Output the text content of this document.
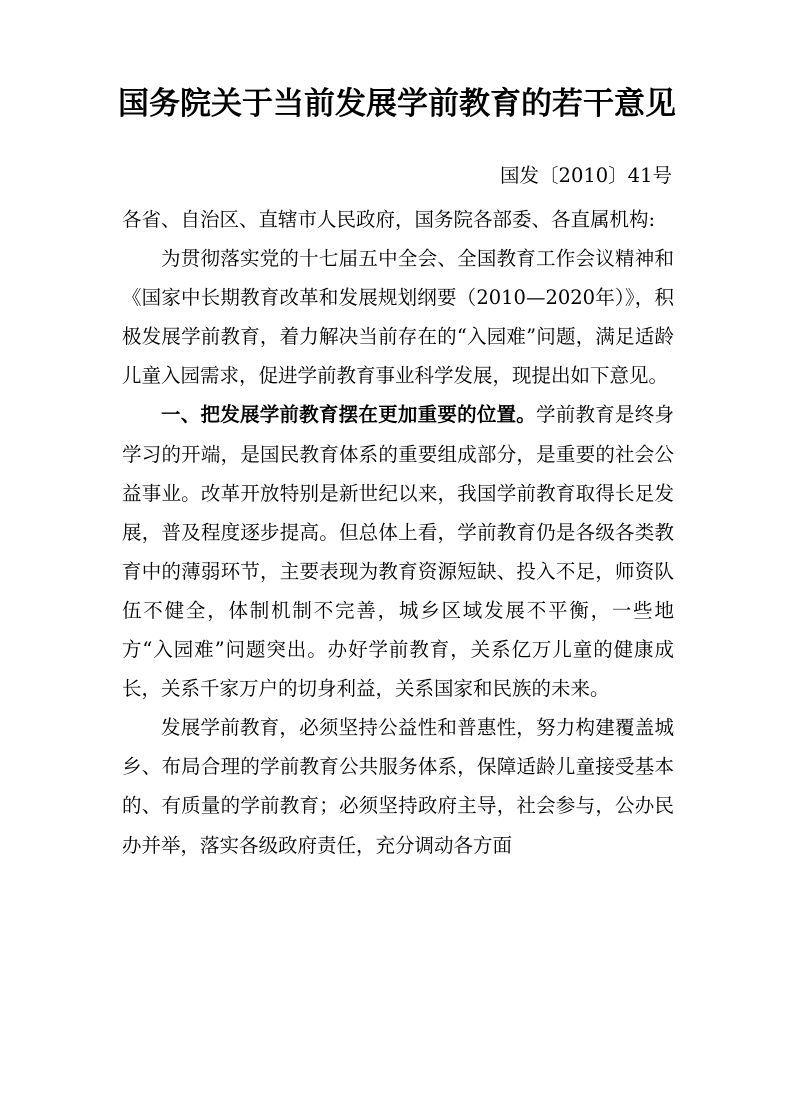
国务院关于当前发展学前教育的若干意见
国发〔2010〕41号

各省、自治区、直辖市人民政府，国务院各部委、各直属机构:

为贯彻落实党的十七届五中全会、全国教育工作会议精神和《国家中长期教育改革和发展规划纲要（2010—2020年）》，积极发展学前教育，着力解决当前存在的“入园难”问题，满足适龄儿童入园需求，促进学前教育事业科学发展，现提出如下意见。

一、把发展学前教育摆在更加重要的位置。学前教育是终身学习的开端，是国民教育体系的重要组成部分，是重要的社会公益事业。改革开放特别是新世纪以来，我国学前教育取得长足发展，普及程度逐步提高。但总体上看，学前教育仍是各级各类教育中的薄弱环节，主要表现为教育资源短缺、投入不足，师资队伍不健全，体制机制不完善，城乡区域发展不平衡，一些地方“入园难”问题突出。办好学前教育，关系亿万儿童的健康成长，关系千家万户的切身利益，关系国家和民族的未来。

发展学前教育，必须坚持公益性和普惠性，努力构建覆盖城乡、布局合理的学前教育公共服务体系，保障适龄儿童接受基本的、有质量的学前教育；必须坚持政府主导，社会参与，公办民办并举，落实各级政府责任，充分调动各方面
